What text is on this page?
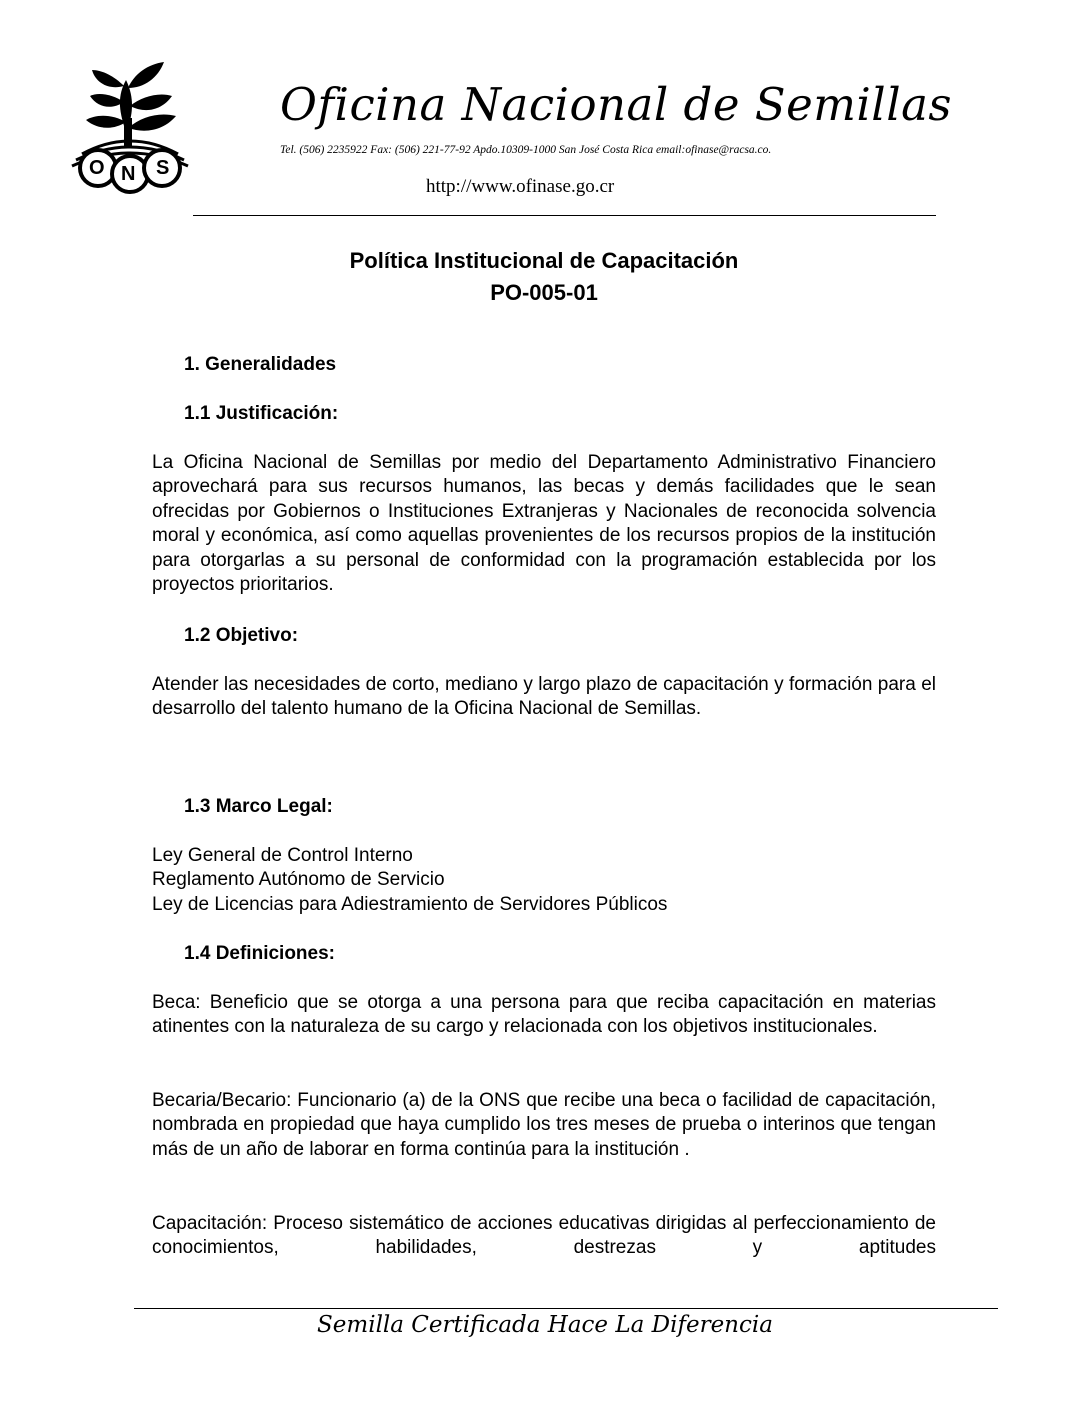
O N S
Oficina Nacional de Semillas
Tel. (506) 2235922 Fax: (506) 221-77-92 Apdo.10309-1000 San José Costa Rica email:ofinase@racsa.co.
http://www.ofinase.go.cr
Política Institucional de Capacitación
PO-005-01
1. Generalidades
1.1 Justificación:

La Oficina Nacional de Semillas por medio del Departamento Administrativo Financiero aprovechará para sus recursos humanos, las becas y demás facilidades que le sean ofrecidas por Gobiernos o Instituciones Extranjeras y Nacionales de reconocida solvencia moral y económica, así como aquellas provenientes de los recursos propios de la institución para otorgarlas a su personal de conformidad con la programación establecida por los proyectos prioritarios.

1.2 Objetivo:

Atender las necesidades de corto, mediano y largo plazo de capacitación y formación para el desarrollo del talento humano de la Oficina Nacional de Semillas.

1.3 Marco Legal:
Ley General de Control Interno
Reglamento Autónomo de Servicio
Ley de Licencias para Adiestramiento de Servidores Públicos
1.4 Definiciones:

Beca: Beneficio que se otorga a una persona para que reciba capacitación en materias atinentes con la naturaleza de su cargo y relacionada con los objetivos institucionales.

Becaria/Becario: Funcionario (a) de la ONS que recibe una beca o facilidad de capacitación, nombrada en propiedad que haya cumplido los tres meses de prueba o interinos que tengan más de un año de laborar en forma continúa para la institución .

Capacitación: Proceso sistemático de acciones educativas dirigidas al perfeccionamiento de conocimientos, habilidades, destrezas y aptitudes

Semilla Certificada Hace La Diferencia
